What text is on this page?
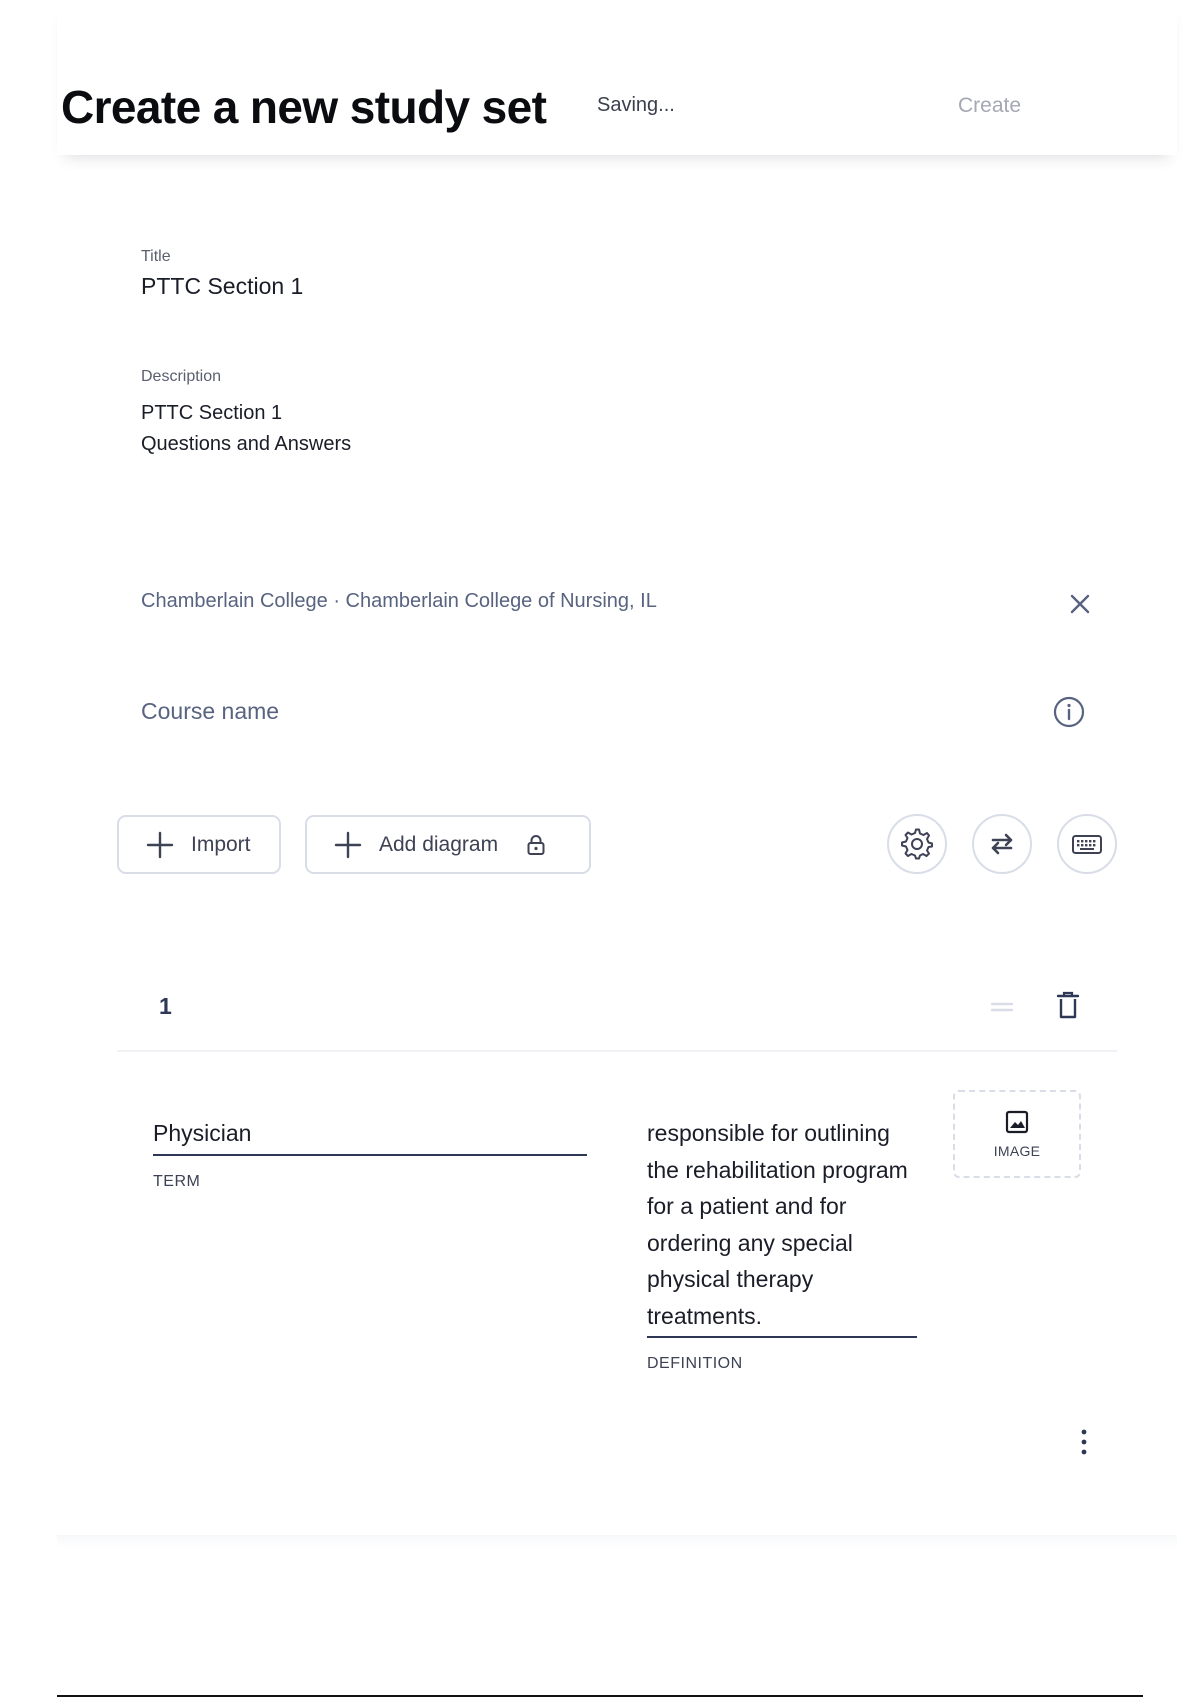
Create a new study set	Saving...	Create
Title
PTTC Section 1
Description
PTTC Section 1
Questions and Answers
Chamberlain College · Chamberlain College of Nursing, IL
Course name
Import	Add diagram
1
Physician
TERM
responsible for outlining the rehabilitation program for a patient and for ordering any special physical therapy treatments.
DEFINITION
IMAGE
